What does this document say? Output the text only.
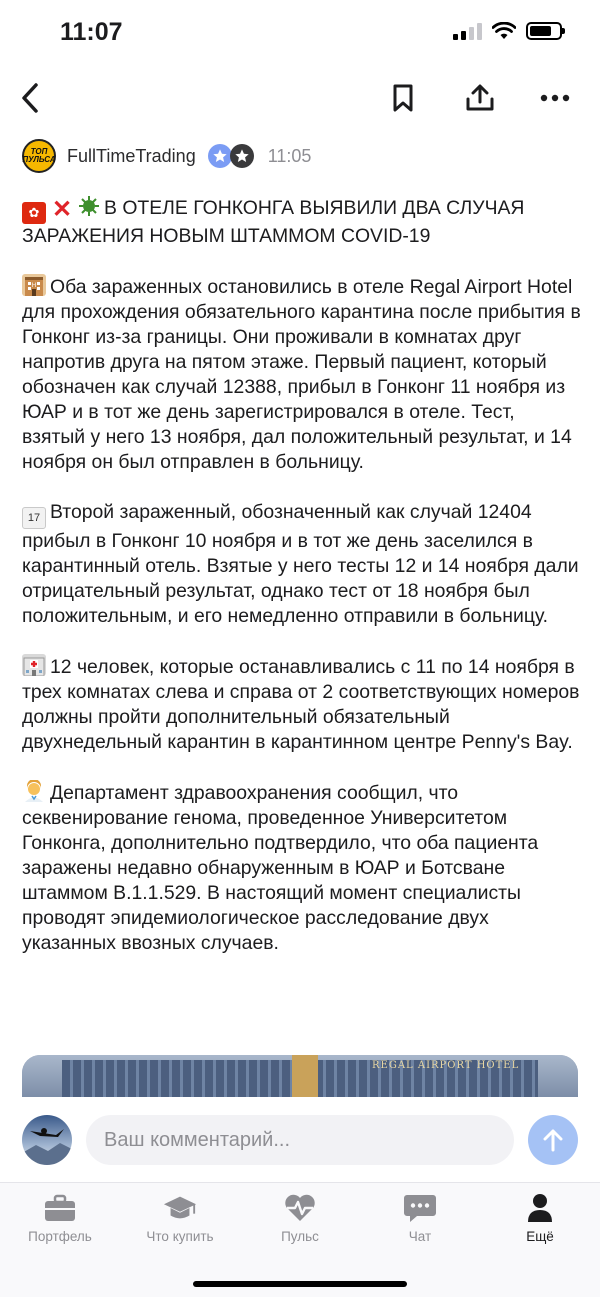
11:07
ТОП
ПУЛЬСА FullTimeTrading	11:05

✿ ✕ В ОТЕЛЕ ГОНКОНГА ВЫЯВИЛИ ДВА СЛУЧАЯ ЗАРАЖЕНИЯ НОВЫМ ШТАММОМ COVID-19

H Оба зараженных остановились в отеле Regal Airport Hotel для прохождения обязательного карантина после прибытия в Гонконг из-за границы. Они проживали в комнатах друг напротив друга на пятом этаже. Первый пациент, который обозначен как случай 12388, прибыл в Гонконг 11 ноября из ЮАР и в тот же день зарегистрировался в отеле. Тест, взятый у него 13 ноября, дал положительный результат, и 14 ноября он был отправлен в больницу.

17 Второй зараженный, обозначенный как случай 12404 прибыл в Гонконг 10 ноября и в тот же день заселился в карантинный отель. Взятые у него тесты 12 и 14 ноября дали отрицательный результат, однако тест от 18 ноября был положительным, и его немедленно отправили в больницу.

12 человек, которые останавливались с 11 по 14 ноября в трех комнатах слева и справа от 2 соответствующих номеров должны пройти дополнительный обязательный двухнедельный карантин в карантинном центре Penny's Bay.

Департамент здравоохранения сообщил, что секвенирование генома, проведенное Университетом Гонконга, дополнительно подтвердило, что оба пациента заражены недавно обнаруженным в ЮАР и Ботсване штаммом B.1.1.529. В настоящий момент специалисты проводят эпидемиологическое расследование двух указанных ввозных случаев.

REGAL AIRPORT HOTEL
Ваш комментарий...
Портфель	Что купить	Пульс	Чат	Ещё
